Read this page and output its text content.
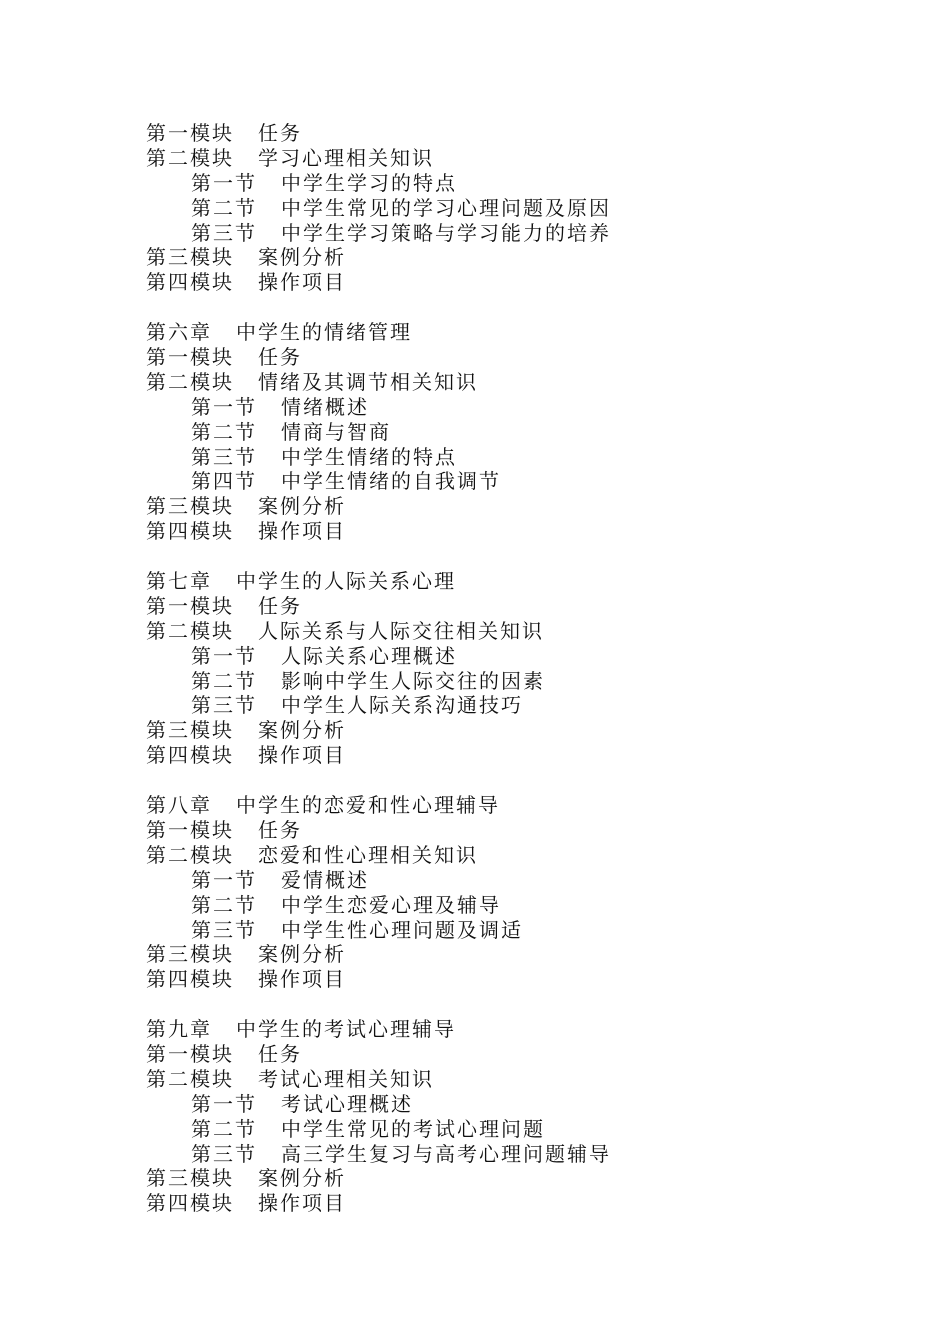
第一模块 任务
第二模块 学习心理相关知识
第一节 中学生学习的特点
第二节 中学生常见的学习心理问题及原因
第三节 中学生学习策略与学习能力的培养
第三模块 案例分析
第四模块 操作项目
第六章 中学生的情绪管理
第一模块 任务
第二模块 情绪及其调节相关知识
第一节 情绪概述
第二节 情商与智商
第三节 中学生情绪的特点
第四节 中学生情绪的自我调节
第三模块 案例分析
第四模块 操作项目
第七章 中学生的人际关系心理
第一模块 任务
第二模块 人际关系与人际交往相关知识
第一节 人际关系心理概述
第二节 影响中学生人际交往的因素
第三节 中学生人际关系沟通技巧
第三模块 案例分析
第四模块 操作项目
第八章 中学生的恋爱和性心理辅导
第一模块 任务
第二模块 恋爱和性心理相关知识
第一节 爱情概述
第二节 中学生恋爱心理及辅导
第三节 中学生性心理问题及调适
第三模块 案例分析
第四模块 操作项目
第九章 中学生的考试心理辅导
第一模块 任务
第二模块 考试心理相关知识
第一节 考试心理概述
第二节 中学生常见的考试心理问题
第三节 高三学生复习与高考心理问题辅导
第三模块 案例分析
第四模块 操作项目
